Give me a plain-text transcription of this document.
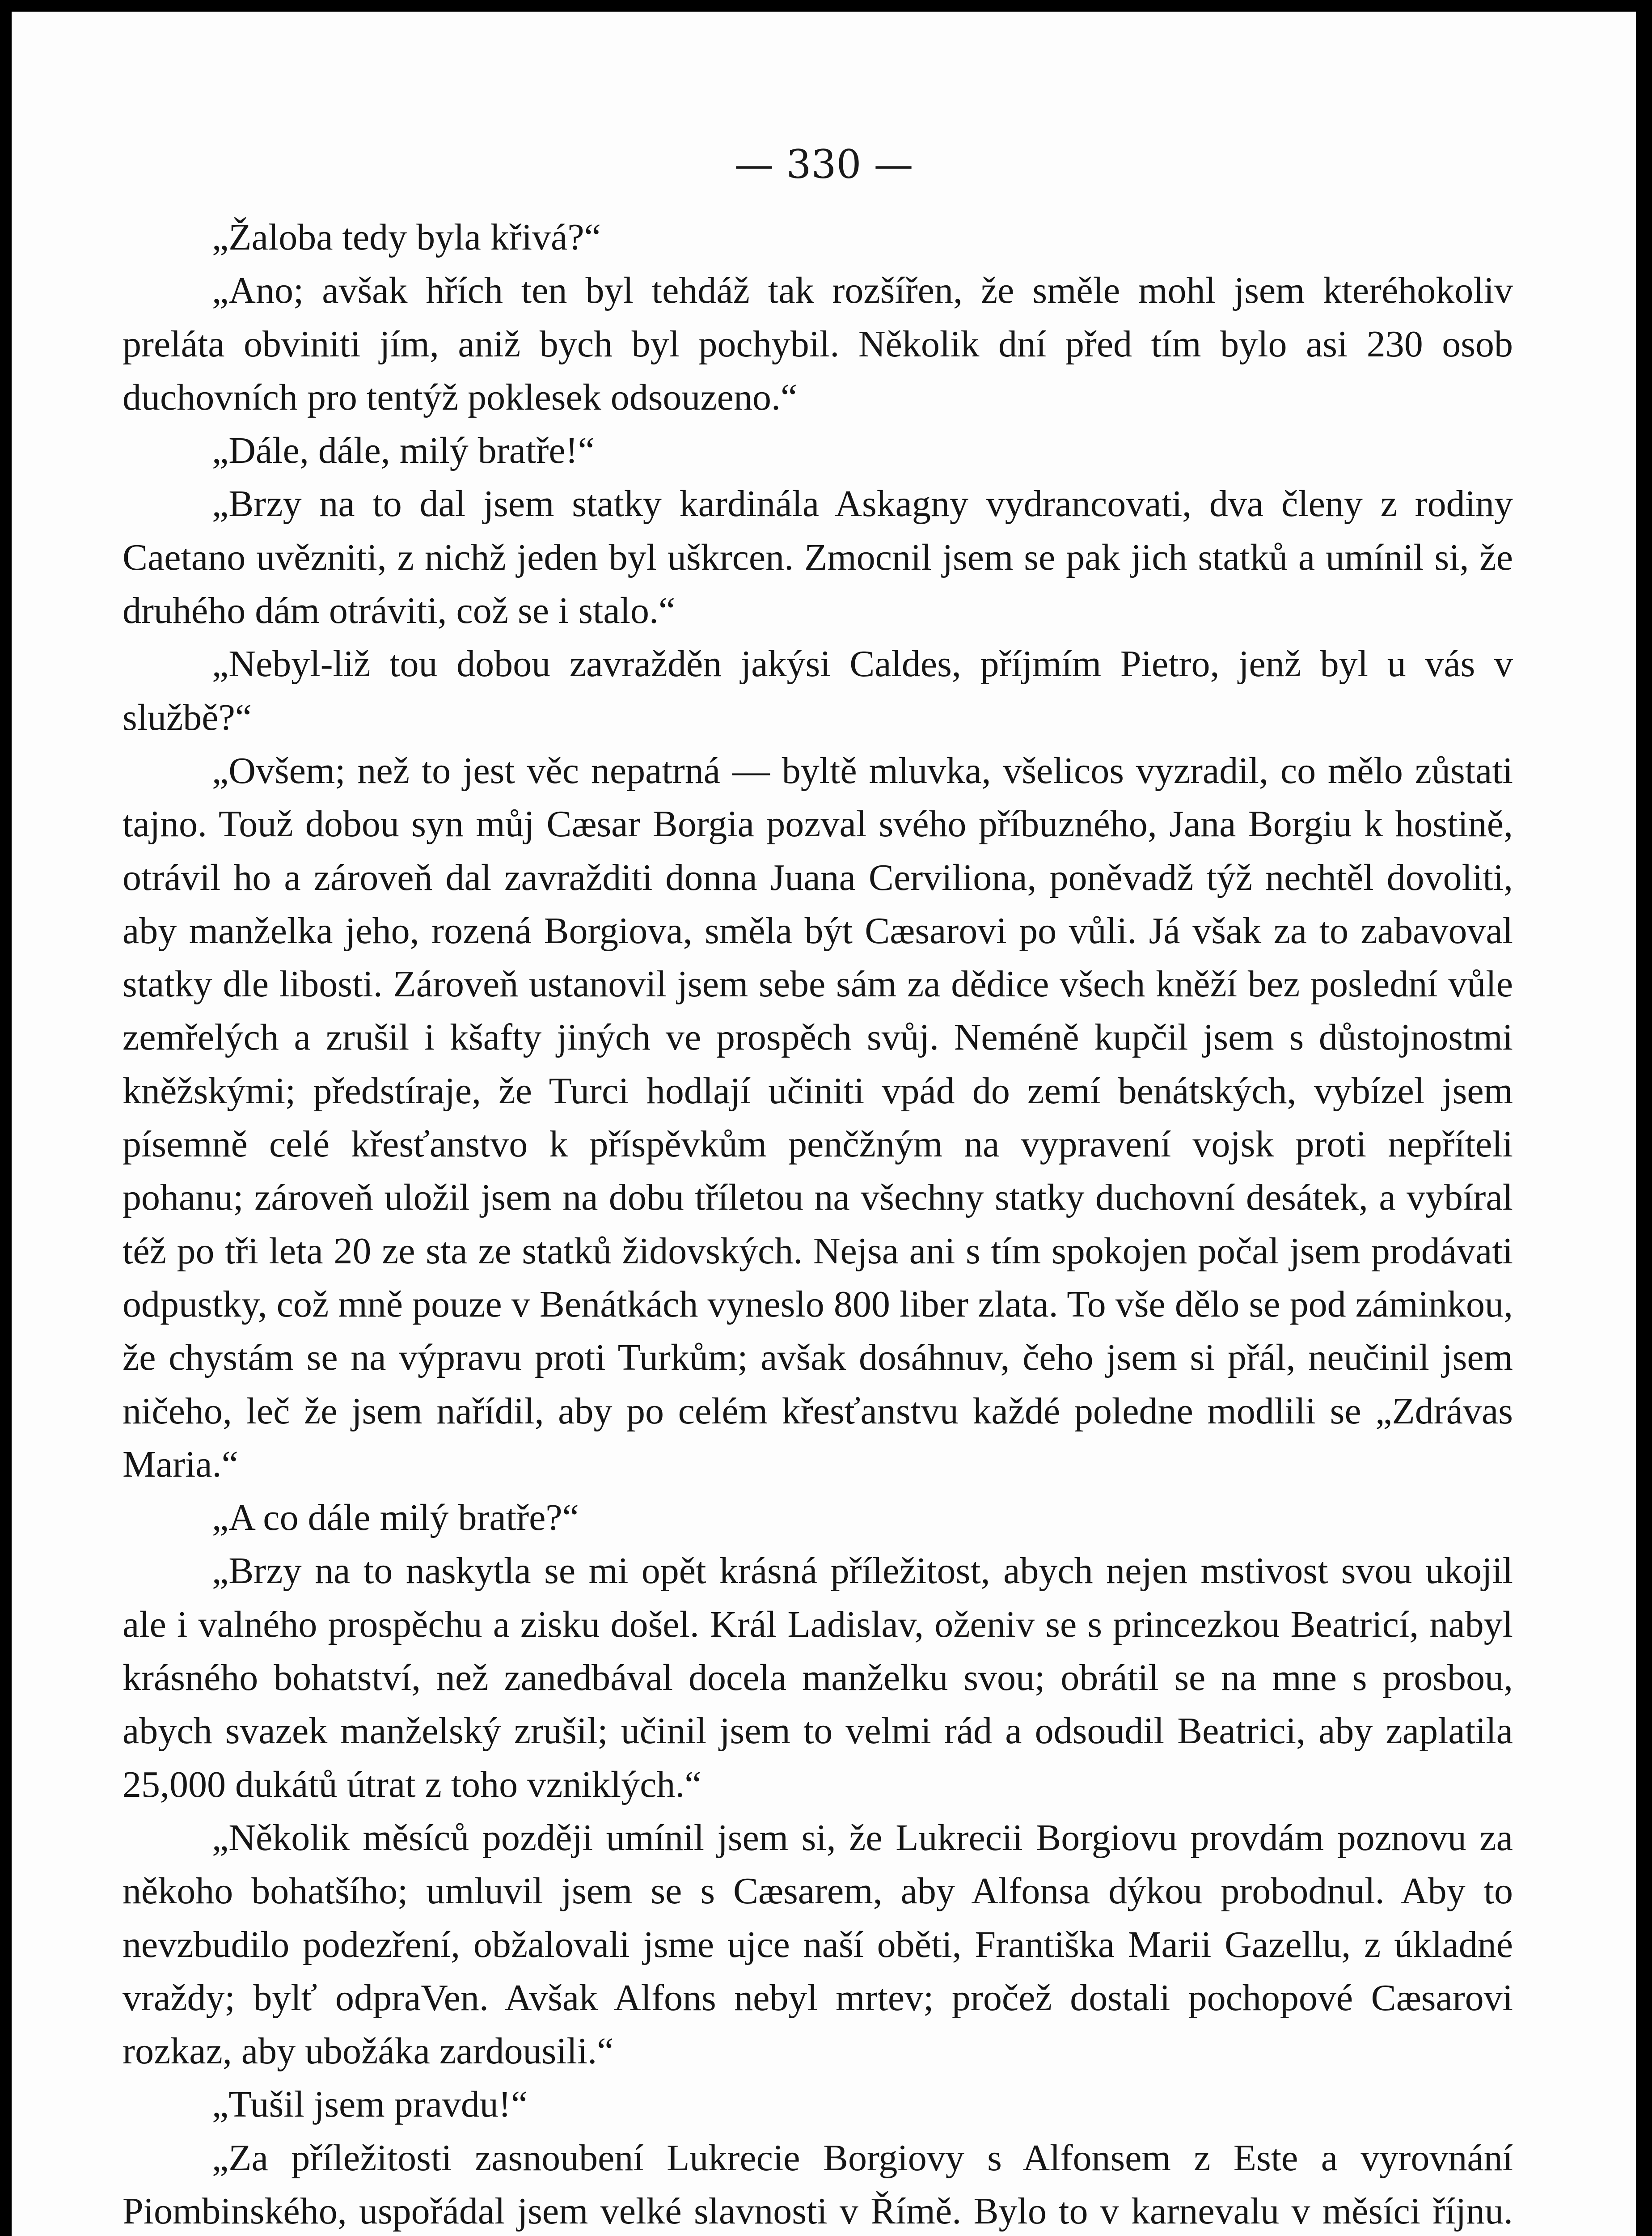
— 330 —

„Žaloba tedy byla křivá?“

„Ano; avšak hřích ten byl tehdáž tak rozšířen, že směle mohl jsem kteréhokoliv preláta obviniti jím, aniž bych byl pochybil. Několik dní před tím bylo asi 230 osob duchovních pro tentýž poklesek odsouzeno.“

„Dále, dále, milý bratře!“

„Brzy na to dal jsem statky kardinála Askagny vydrancovati, dva členy z rodiny Caetano uvězniti, z nichž jeden byl uškrcen. Zmocnil jsem se pak jich statků a umínil si, že druhého dám otráviti, což se i stalo.“

„Nebyl-liž tou dobou zavražděn jakýsi Caldes, příjmím Pietro, jenž byl u vás v službě?“

„Ovšem; než to jest věc nepatrná — byltě mluvka, všelicos vyzradil, co mělo zůstati tajno. Touž dobou syn můj Cæsar Borgia pozval svého příbuzného, Jana Borgiu k hostině, otrávil ho a zároveň dal zavražditi donna Juana Cerviliona, poněvadž týž nechtěl dovoliti, aby manželka jeho, rozená Borgiova, směla být Cæsarovi po vůli. Já však za to zabavoval statky dle libosti. Zároveň ustanovil jsem sebe sám za dědice všech kněží bez poslední vůle zemřelých a zrušil i kšafty jiných ve prospěch svůj. Neméně kupčil jsem s důstojnostmi kněžskými; předstíraje, že Turci hodlají učiniti vpád do zemí benátských, vybízel jsem písemně celé křesťanstvo k příspěvkům penčžným na vypravení vojsk proti nepříteli pohanu; zároveň uložil jsem na dobu tříletou na všechny statky duchovní desátek, a vybíral též po tři leta 20 ze sta ze statků židovských. Nejsa ani s tím spokojen počal jsem prodávati odpustky, což mně pouze v Benátkách vyneslo 800 liber zlata. To vše dělo se pod záminkou, že chystám se na výpravu proti Turkům; avšak dosáhnuv, čeho jsem si přál, neučinil jsem ničeho, leč že jsem nařídil, aby po celém křesťanstvu každé poledne modlili se „Zdrávas Maria.“

„A co dále milý bratře?“

„Brzy na to naskytla se mi opět krásná příležitost, abych nejen mstivost svou ukojil ale i valného prospěchu a zisku došel. Král Ladislav, oženiv se s princezkou Beatricí, nabyl krásného bohatství, než zanedbával docela manželku svou; obrátil se na mne s prosbou, abych svazek manželský zrušil; učinil jsem to velmi rád a odsoudil Beatrici, aby zaplatila 25,000 dukátů útrat z toho vzniklých.“

„Několik měsíců později umínil jsem si, že Lukrecii Borgiovu provdám poznovu za někoho bohatšího; umluvil jsem se s Cæsarem, aby Alfonsa dýkou probodnul. Aby to nevzbudilo podezření, obžalovali jsme ujce naší oběti, Františka Marii Gazellu, z úkladné vraždy; bylť odpraVen. Avšak Alfons nebyl mrtev; pročež dostali pochopové Cæsarovi rozkaz, aby ubožáka zardousili.“

„Tušil jsem pravdu!“

„Za příležitosti zasnoubení Lukrecie Borgiovy s Alfonsem z Este a vyrovnání Piombinského, uspořádal jsem velké slavnosti v Římě. Bylo to v karnevalu v měsíci říjnu.
